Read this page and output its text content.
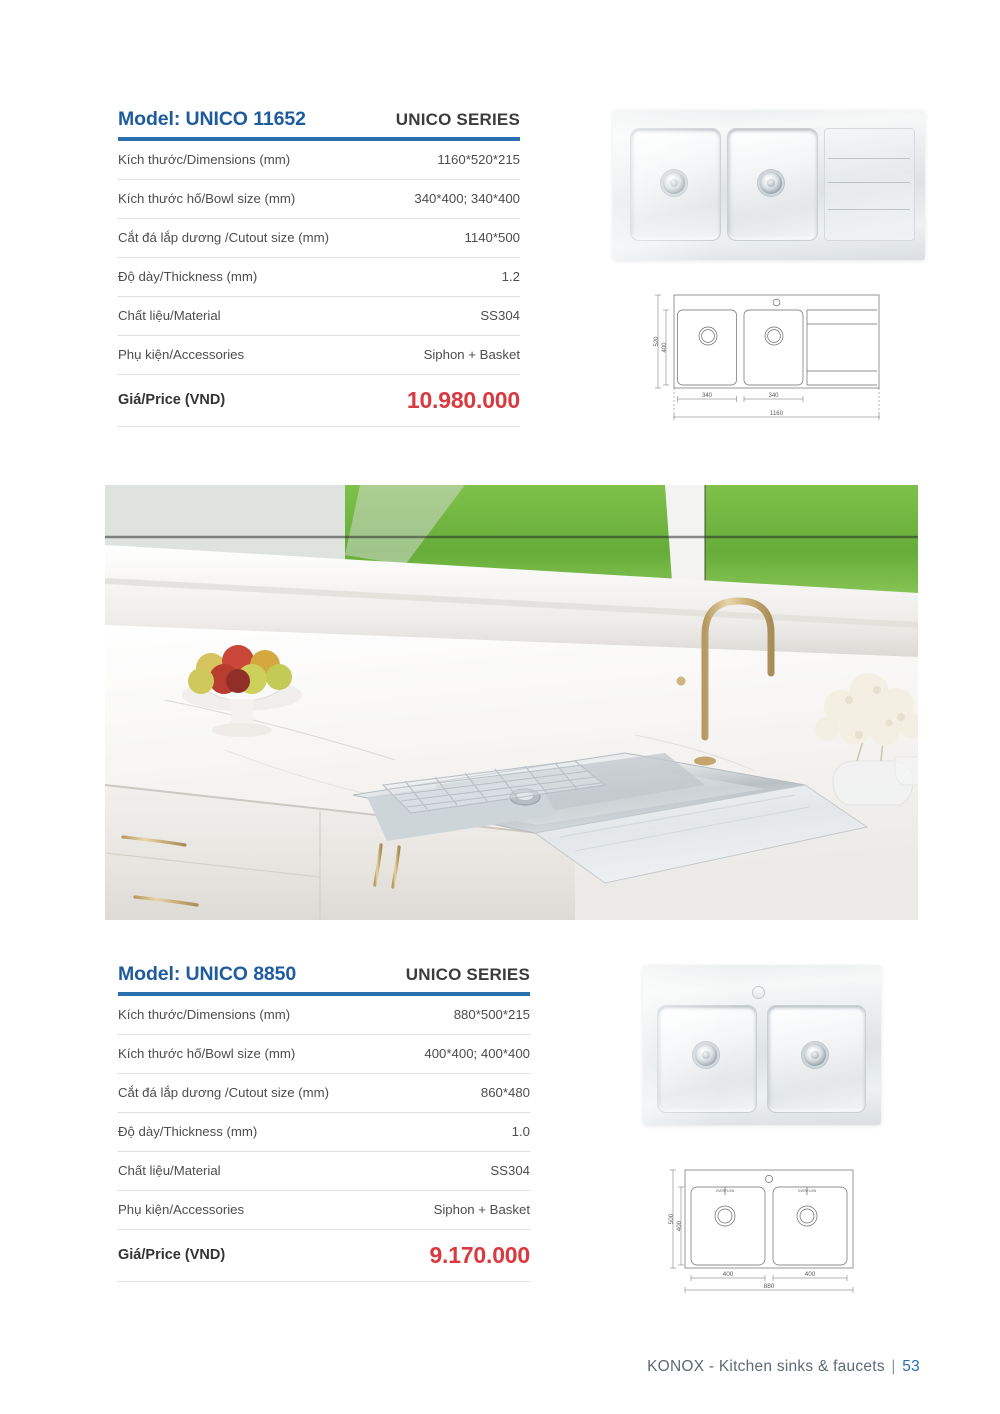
Model: UNICO 11652	UNICO SERIES
Kích thước/Dimensions (mm)	1160*520*215
Kích thước hố/Bowl size (mm)	340*400; 340*400
Cắt đá lắp dương /Cutout size (mm)	1140*500
Độ dày/Thickness (mm)	1.2
Chất liệu/Material	SS304
Phụ kiện/Accessories	Siphon + Basket
Giá/Price (VND)	10.980.000
520
400
340	340
1160
Model: UNICO 8850	UNICO SERIES
Kích thước/Dimensions (mm)	880*500*215
Kích thước hố/Bowl size (mm)	400*400; 400*400
Cắt đá lắp dương /Cutout size (mm)	860*480
Độ dày/Thickness (mm)	1.0
Chất liệu/Material	SS304
Phụ kiện/Accessories	Siphon + Basket
Giá/Price (VND)	9.170.000
500
400
400	400
880
OVERFLOW	OVERFLOW
KONOX - Kitchen sinks & faucets | 53
